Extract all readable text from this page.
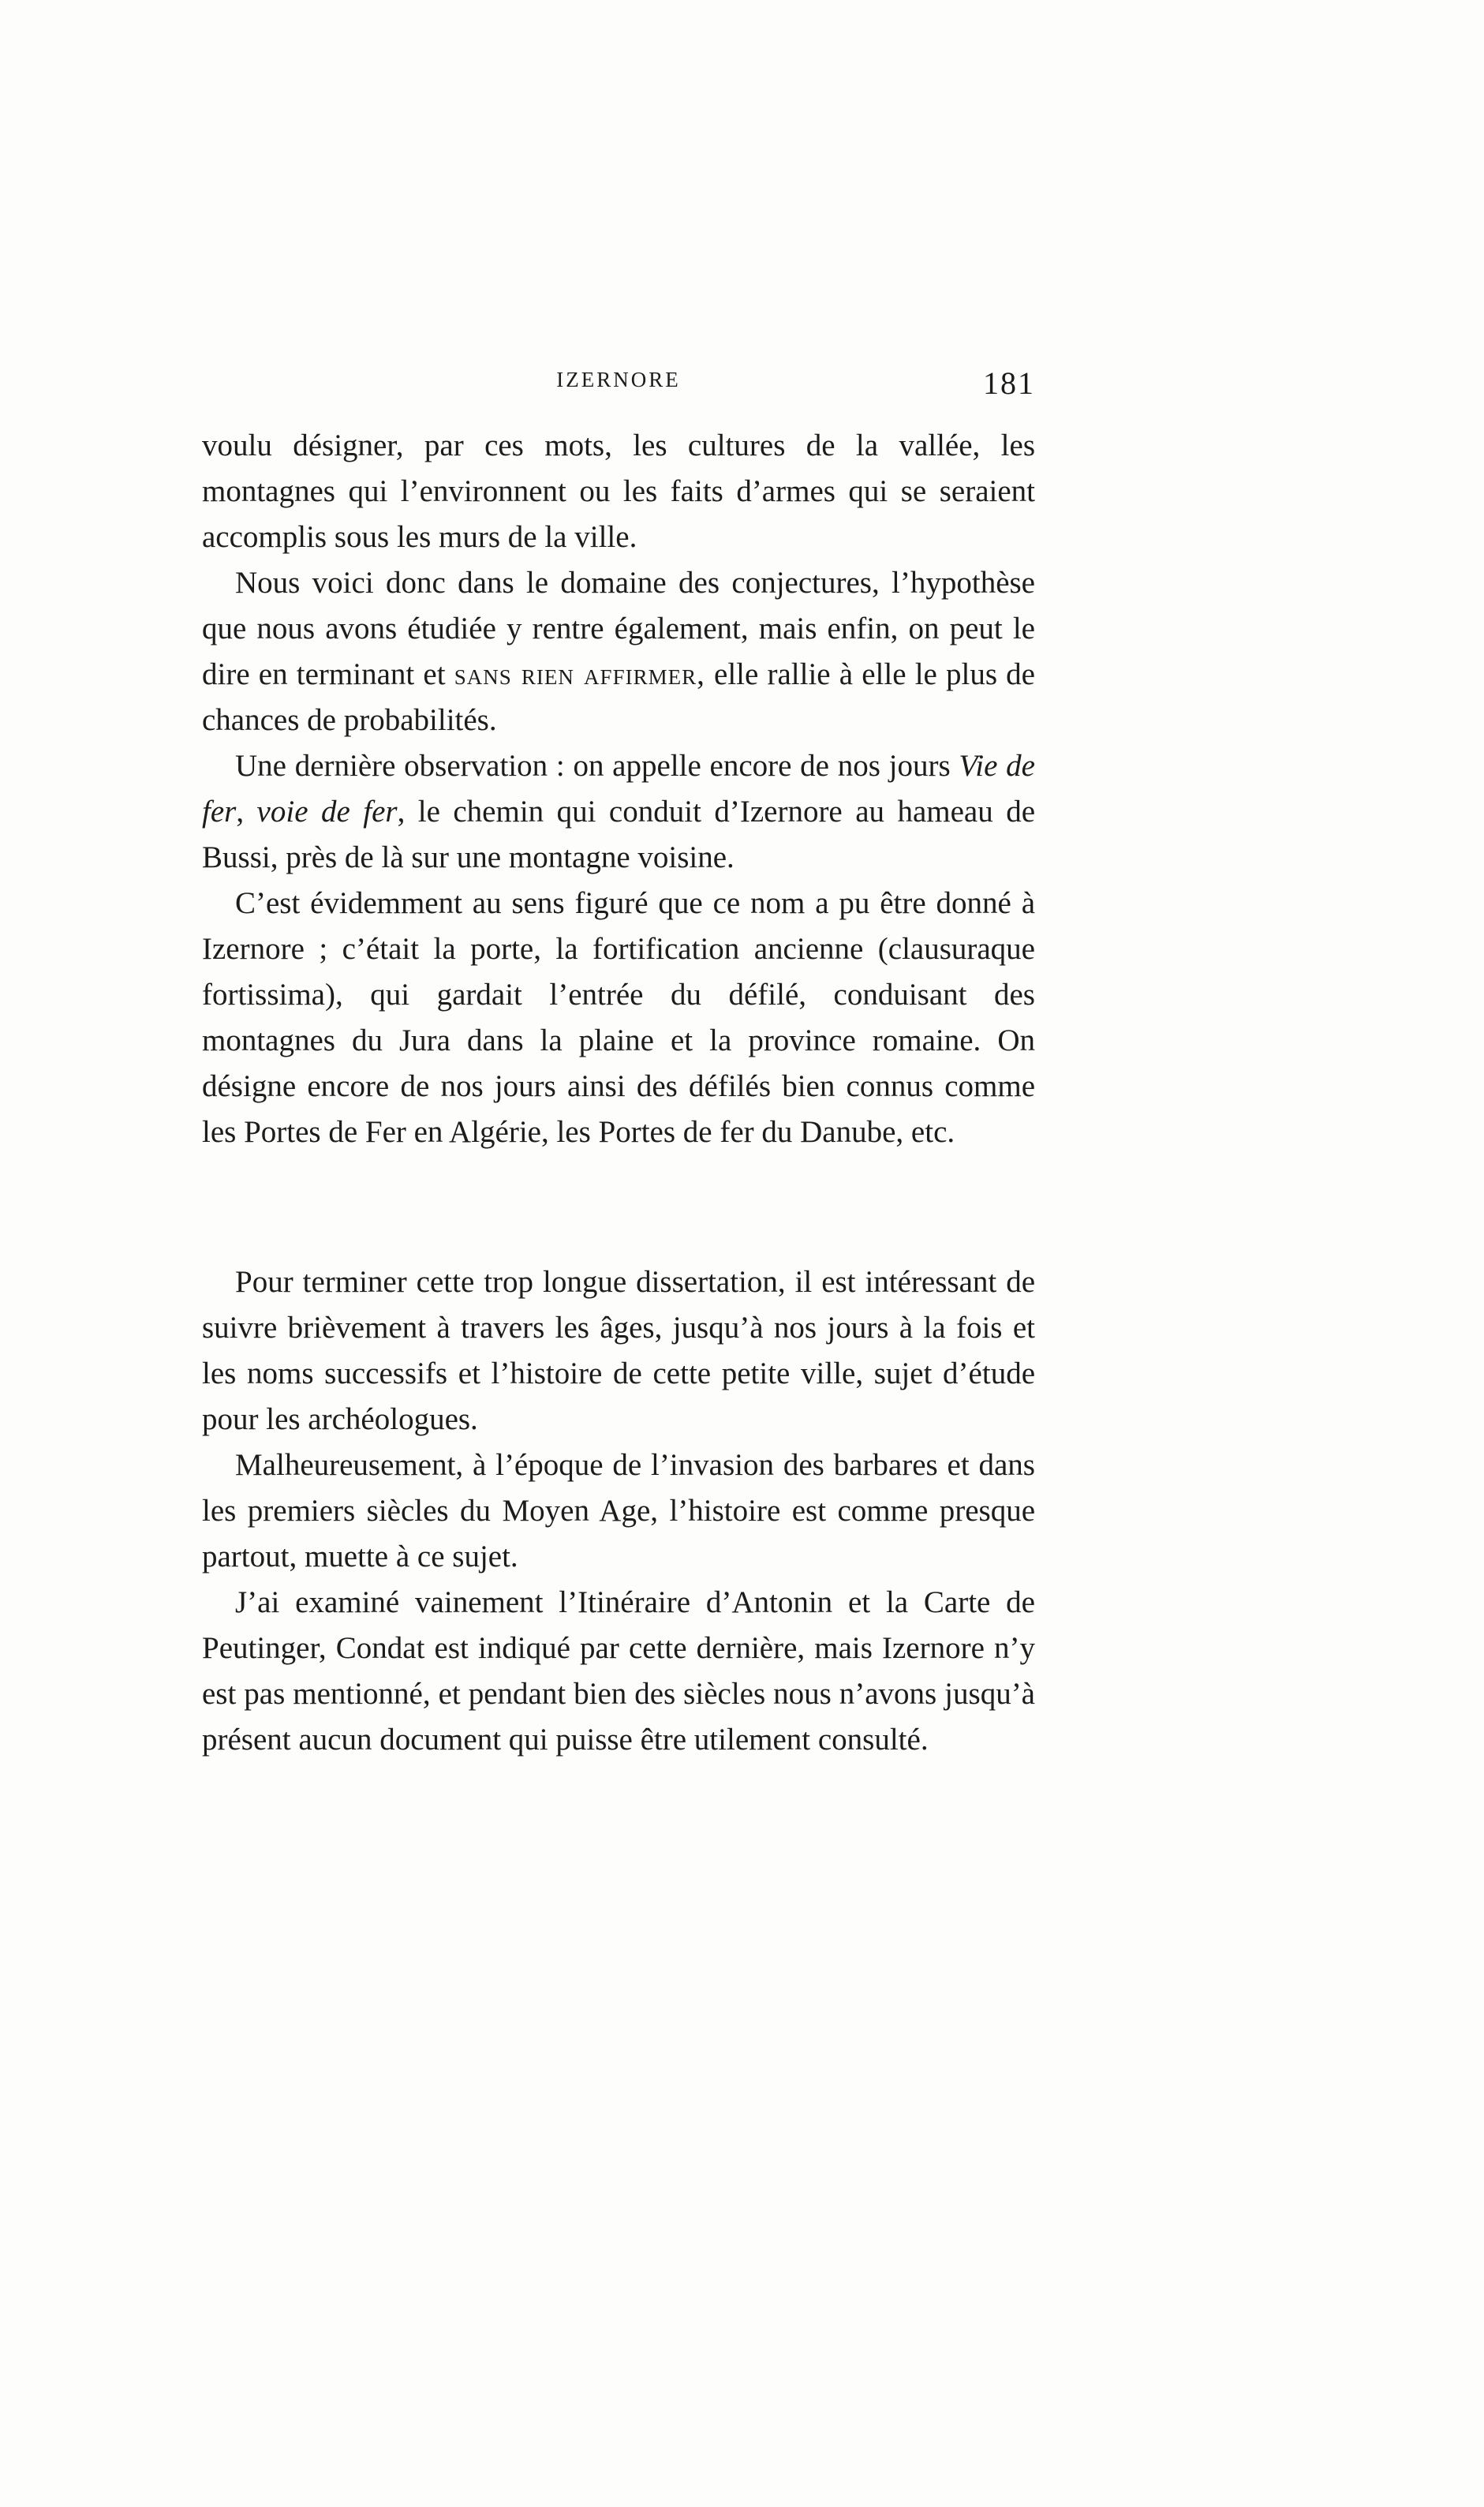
IZERNORE	181

voulu désigner, par ces mots, les cultures de la vallée, les montagnes qui l’environnent ou les faits d’armes qui se seraient accomplis sous les murs de la ville.

Nous voici donc dans le domaine des conjectures, l’hypothèse que nous avons étudiée y rentre également, mais enfin, on peut le dire en terminant et sans rien affirmer, elle rallie à elle le plus de chances de probabilités.

Une dernière observation : on appelle encore de nos jours Vie de fer, voie de fer, le chemin qui conduit d’Izernore au hameau de Bussi, près de là sur une montagne voisine.

C’est évidemment au sens figuré que ce nom a pu être donné à Izernore ; c’était la porte, la fortification ancienne (clausuraque fortissima), qui gardait l’entrée du défilé, conduisant des montagnes du Jura dans la plaine et la province romaine. On désigne encore de nos jours ainsi des défilés bien connus comme les Portes de Fer en Algérie, les Portes de fer du Danube, etc.

Pour terminer cette trop longue dissertation, il est intéressant de suivre brièvement à travers les âges, jusqu’à nos jours à la fois et les noms successifs et l’histoire de cette petite ville, sujet d’étude pour les archéologues.

Malheureusement, à l’époque de l’invasion des barbares et dans les premiers siècles du Moyen Age, l’histoire est comme presque partout, muette à ce sujet.

J’ai examiné vainement l’Itinéraire d’Antonin et la Carte de Peutinger, Condat est indiqué par cette dernière, mais Izernore n’y est pas mentionné, et pendant bien des siècles nous n’avons jusqu’à présent aucun document qui puisse être utilement consulté.
